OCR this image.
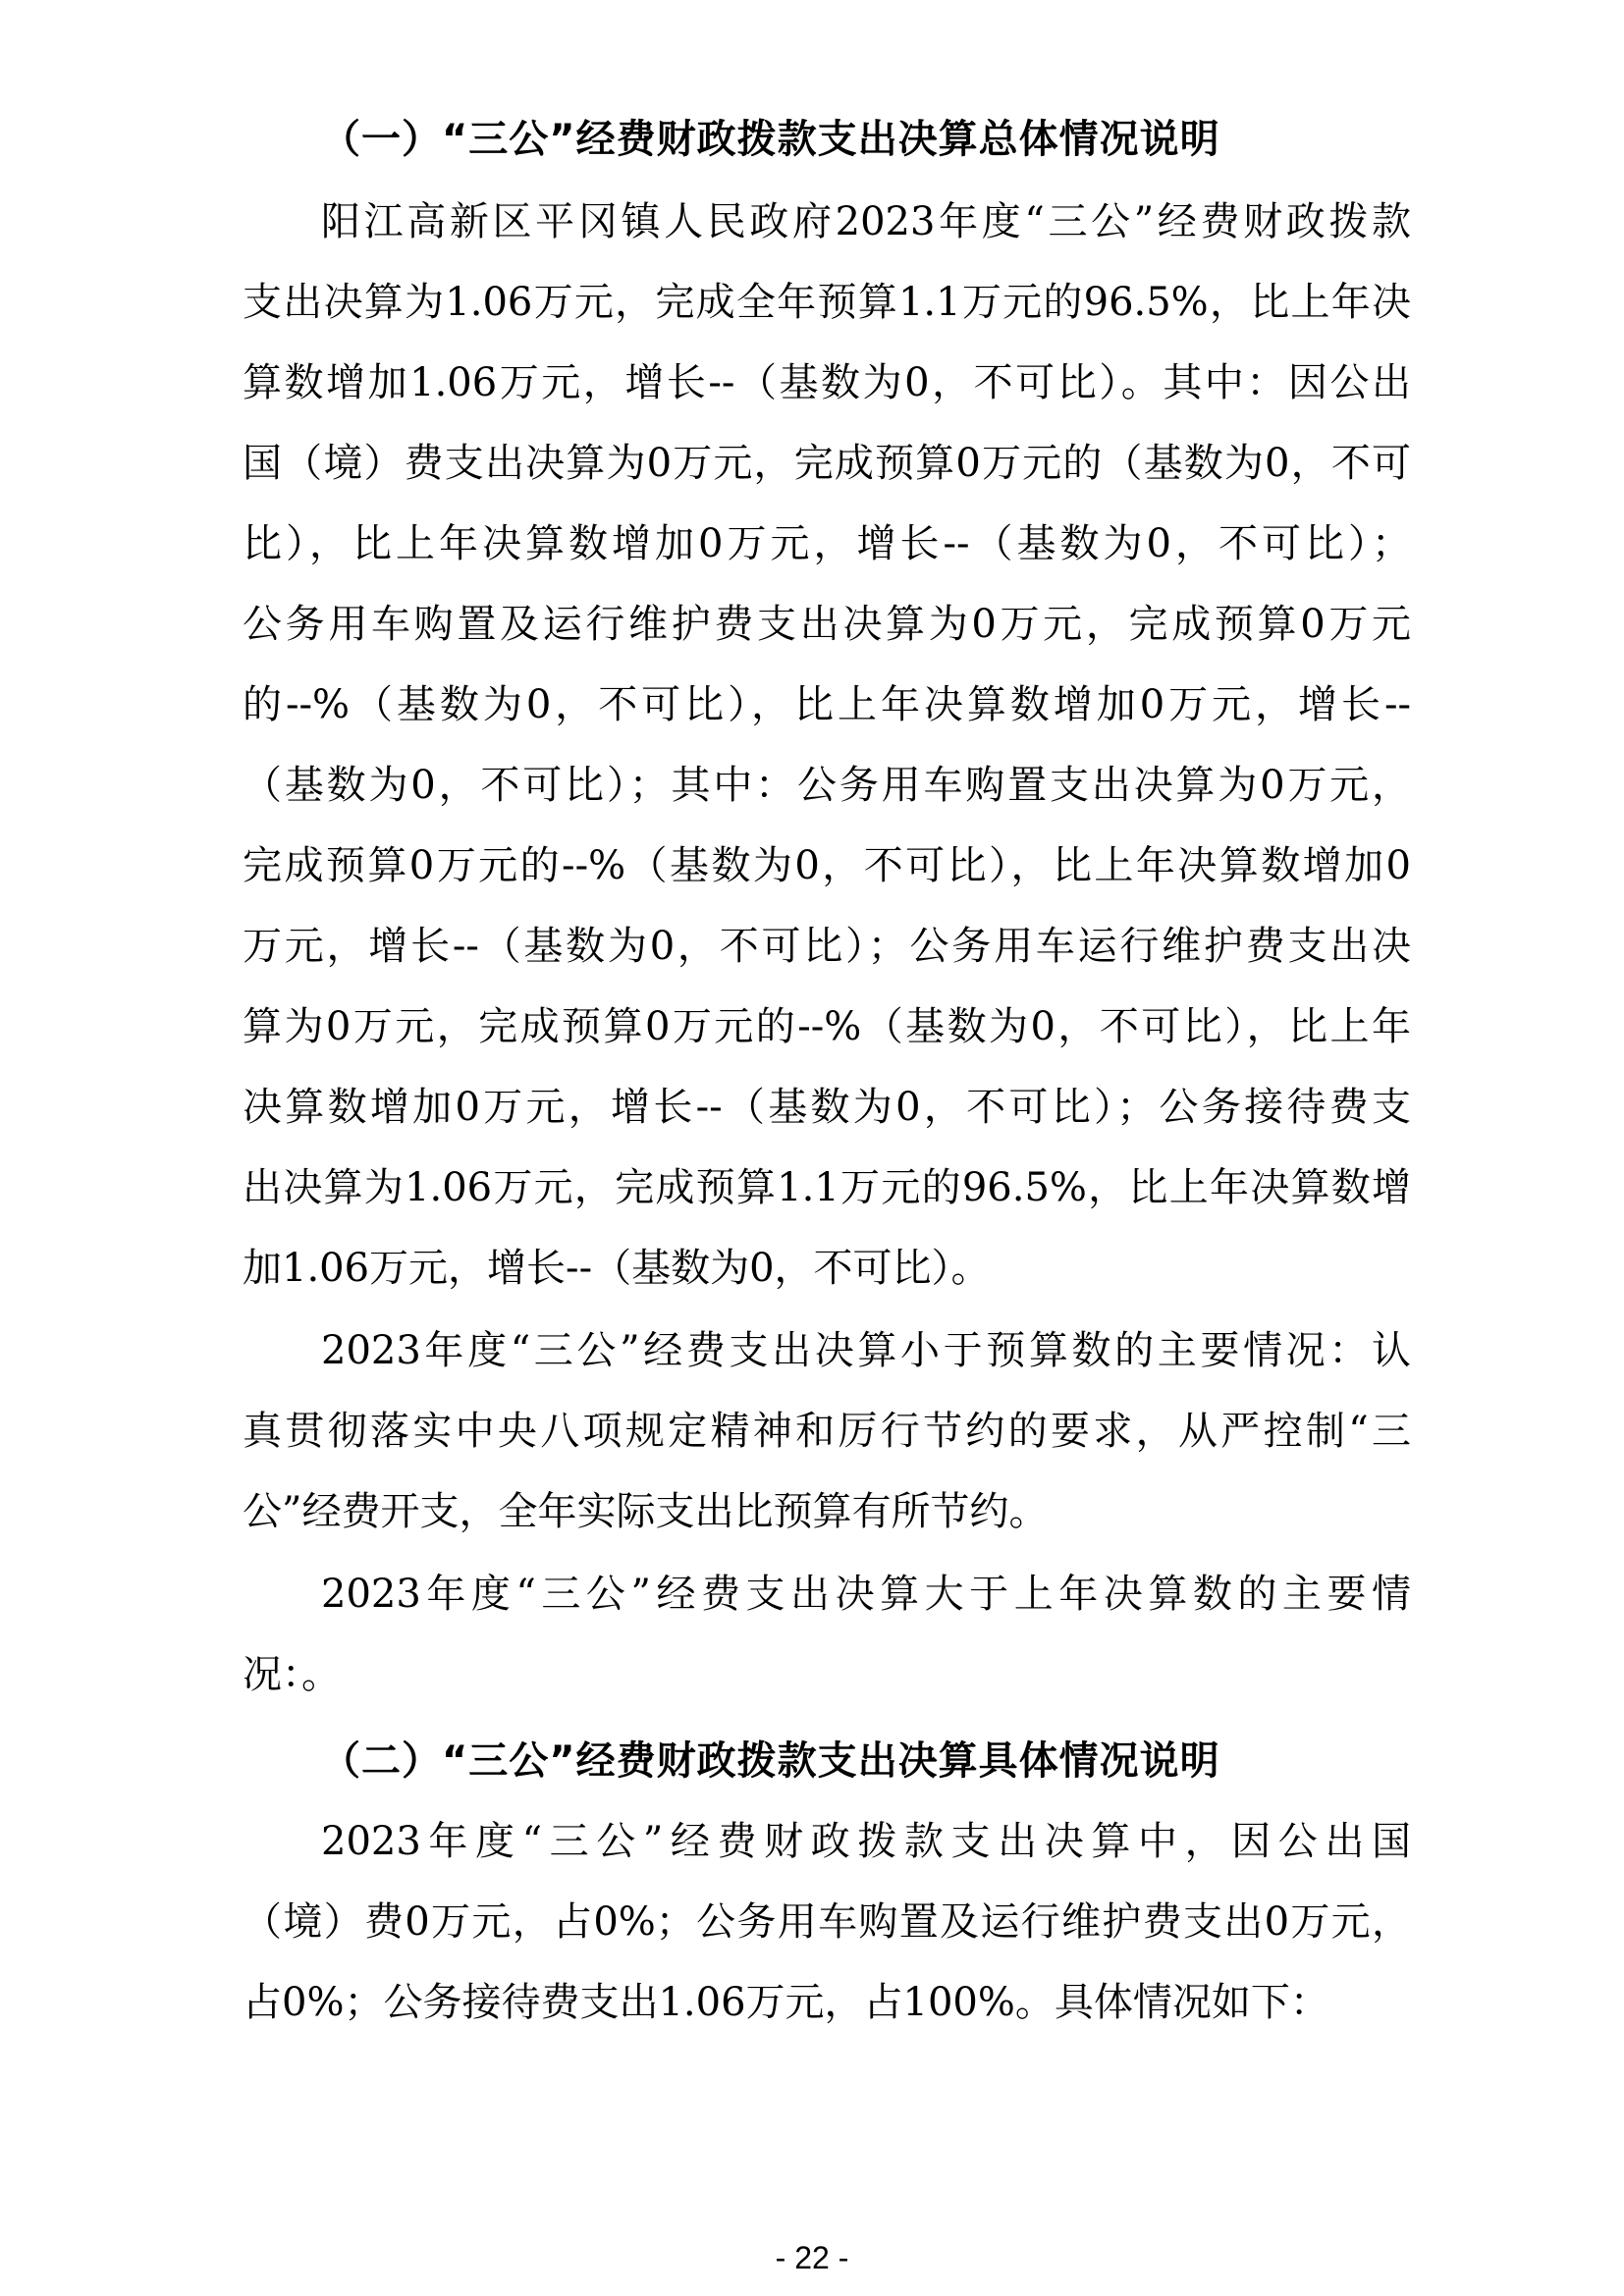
（一）“三公”经费财政拨款支出决算总体情况说明
阳江高新区平冈镇人民政府2023年度“三公”经费财政拨款
支出决算为1.06万元，完成全年预算1.1万元的96.5%，比上年决
算数增加1.06万元，增长--（基数为0，不可比）。其中：因公出
国（境）费支出决算为0万元，完成预算0万元的（基数为0，不可
比），比上年决算数增加0万元，增长--（基数为0，不可比）；
公务用车购置及运行维护费支出决算为0万元，完成预算0万元
的--%（基数为0，不可比），比上年决算数增加0万元，增长--
（基数为0，不可比）；其中：公务用车购置支出决算为0万元，
完成预算0万元的--%（基数为0，不可比），比上年决算数增加0
万元，增长--（基数为0，不可比）；公务用车运行维护费支出决
算为0万元，完成预算0万元的--%（基数为0，不可比），比上年
决算数增加0万元，增长--（基数为0，不可比）；公务接待费支
出决算为1.06万元，完成预算1.1万元的96.5%，比上年决算数增
加1.06万元，增长--（基数为0，不可比）。
2023年度“三公”经费支出决算小于预算数的主要情况：认
真贯彻落实中央八项规定精神和厉行节约的要求，从严控制“三
公”经费开支，全年实际支出比预算有所节约。
2023年度“三公”经费支出决算大于上年决算数的主要情
况：。
（二）“三公”经费财政拨款支出决算具体情况说明
2023年度“三公”经费财政拨款支出决算中，因公出国
（境）费0万元，占0%；公务用车购置及运行维护费支出0万元，
占0%；公务接待费支出1.06万元，占100%。具体情况如下：
- 22 -
